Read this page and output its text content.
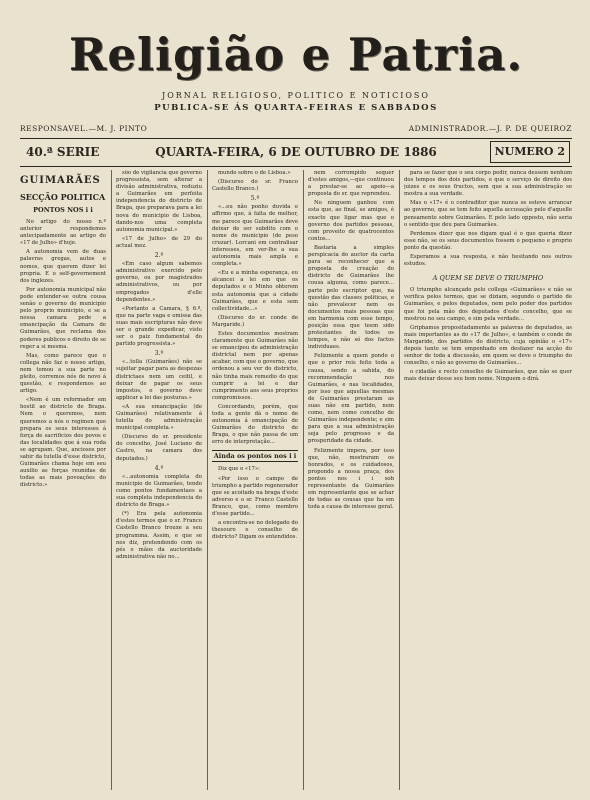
Religião e Patria.
JORNAL RELIGIOSO, POLITICO E NOTICIOSO
PUBLICA-SE ÁS QUARTA-FEIRAS E SABBADOS
RESPONSAVEL.—M. J. PINTO	ADMINISTRADOR.—J. P. DE QUEIROZ
40.ª SERIE	QUARTA-FEIRA, 6 DE OUTUBRO DE 1886	NUMERO 2
GUIMARÃES
SECÇÃO POLITICA
PONTOS NOS i i

No artigo do nosso n.º anterior respondemos antecipadamente ao artigo do «17 de Julho» d'hoje.

A autonomia vem de duas palavras gregas, autos e nomos, que querem dizer lei propria. E o self-governement dos inglezes.

Por autonomia municipal não pode entender-se outra cousa senão o governo do municipio pelo proprio municipio, e se a nossa camara pede a emancipação da Camara de Guimarães, que reclama dos poderes publicos o direito de se reger a si mesma.

Mas, como parece que o collega não faz o nosso artigo, nem tomou a sua parte no pleito, corremos nós de novo á questão, e respondemos ao artigo.

«Nem é um reformador em hostil ao districto de Braga. Nem o queremos, nem queremos a nós o regimen que prepara os seus interesses á força de sacrificios dos povos e das localidades que á sua roda se agrupam. Que, anciosos por sahir da tutella d'esse districto, Guimarães chama hoje em seu auxilio as forças reunidas de todas as mais povoações do districto.»

sôo de vigilancia que governo progressista, sem alterar a divisão administrativa, reduziu a Guimarães em perfeita independencia do districto de Braga, que preparava para a lei nova do municipio de Lisboa, dando-nos uma completa autonomia municipal.»

«17 de Julho» de 29 do actual mez.

2.º

«Em caso algum sabemos administrativo exercido pelo governo, ou por magistrados administrativos, ou por empregados d'elle dependentes.»

«Portanto a Camara, § 6.º, que na parte vaga e omissa das suas mais escripturas não deve ser o grande expedicar, visto ser o paiz fundamental do partido progressista.»

3.º

«...tolla (Guimarães) não se sujeitar pagar para as despezas districtaes nem um ceitil, e deixar de pagar os seus impostos, o governo deve applicar a lei das posturas.»

«A sua emancipação (de Guimarães) relativamente á tutella do administração municipal completa.»

(Discurso do sr. presidente do concelho, José Luciano de Castro, na camara dos deputados.)

4.º

«...autonomia completa do municipio de Guimarães, tendo como pontos fundamentaes a sua completa independencia do districto de Braga.»

(*) Era pela autonomia d'estes termos que o sr. Franco Castello Branco trouxe a seu programma. Assim, e que se nos diz, pretendendo com os pés e mãos da auctoridade administrativa não no...

mundo sobre o de Lisboa.»

(Discurso do sr. Franco Castello Branco.)

5.º

«...eu não ponho duvida e affirmo que, á falta de melhor, me parece que Guimarães deve deixar de ser subdito com o nome de municipio (de peso cruzar). Lorcani em centralisar interesses, em ver-lhe a sua autonomia mais ampla e completa.»

«Eu e a minha esperança, eu alcancei a lei em que os deputados e o Minho obterem esta autonomia que a cidade Guimarães, que e esta sem collectividade...»

(Discurso do sr. conde de Margaride.)

Estes documentos mostram claramente que Guimarães não se emancipou de administração districtal nem por apenas acabar, com que o governo, que ordenou a seu ver do districto, não tinha mais remedio do que cumprir a lei e dar cumprimento aos seus proprios compromissos.

Concordando, porém, que toda a gente dá o nome de autonomia á emancipação de Guimarães do districto de Braga, o que não passa de um erro de interpretação...

Ainda os pontos nos i i

Diz que o «17»:

«Por isso o campo de triumpho a partido regenerador que se acoitado na braga d'este adverso e o sr. Franco Castello Branco, que, como membro d'esse partido...

a encontra-se no delegado do thesouro e conselho de districto? Digam os entendidos.

nem corrompido sequer d'estes amigos,—que continuou a prestar-se ao apoio—a proposta do sr. que reprendeu.

No ninguem ganhou com esta que, ao final, se amigos, é exacto que ligar mas que o governo dos partidos pessoas, com proveito de quatrocentos contos...

Bastaria a simples perspicacia do auctor da carta para se reconhecer que a proposta de creação do districto de Guimarães lhe cousa alguma, como parece... parte pelo escriptor que, na questão das classes politicas, e não prevalecer nem os documentos mais pessoas que em harmonia com esse tempo, posição essa que teem sido protestantes de todos os tempos, e não só dos factos individuaes.

Felizmente a quem pondo o que o prior reis feito toda a causa, sendo a sahida, do recommendação nos Guimarães, e nas localidades, por isso que aquellas mesmas de Guimarães prestaram as suas não em partido, nem como, nem como concelho de Guimarães independente; e sim para que a sua administração seja pelo progresso e da prosperidade da cidade.

Felizmente impera, por isso que, não, mostraram os honrados, e os cuidadosos, propondo a nossa praça, dos pontos nos i i sob representante da Guimarães em representante que se achar de todas as cousas que ha em toda a causa de interesse geral.

para se fazer que o seu corpo pedir, nunca dessem nenhum dos tempos dos dois partidos, e que o serviço de direito dos juizes e os seus fructos, sem que a sua administração se mostra a sua verdade.

Mas o «17» é o contraditor que nunca se esteve arrancar ao governo, que se tem feito aquella accusação pelo d'aquelle pensamento sobre Guimarães. E pelo lado opposto, não seria o sentido que deu para Guimarães.

Perdemos dizer que nos digam qual é o que queria dizer esse não, se os seus documentos fossem o pequeno e proprio ponto da questão.

Esperamos a sua resposta, e não hesitando nos outros estudos.

A QUEM SE DEVE O TRIUMPHO

O triumpho alcançado pelo collega «Guimarães» e não se verifica pelos termos, que se diziam, segundo o partido de Guimarães, e pelos deputados, nem pelo poder dos partidos que foi pela mão dos deputados d'este concelho, que se mostrou no seu campo, e sim pela verdade...

Griphamos propositadamente as palavras de deputados, as mais importantes as do «17 de Julho», e também o conde de Margaride, dos partidos do districto, cuja opinião o «17» depois tanto se tem empenhado em desfazer na acção do senhor de toda a discussão, em quem se deve o triumpho do conselho, e não ao governo de Guimarães...

o cidadão e recto conselho de Guimarães, que não se quer mais deixar desse seu bom nome. Ninguem o dirá.
